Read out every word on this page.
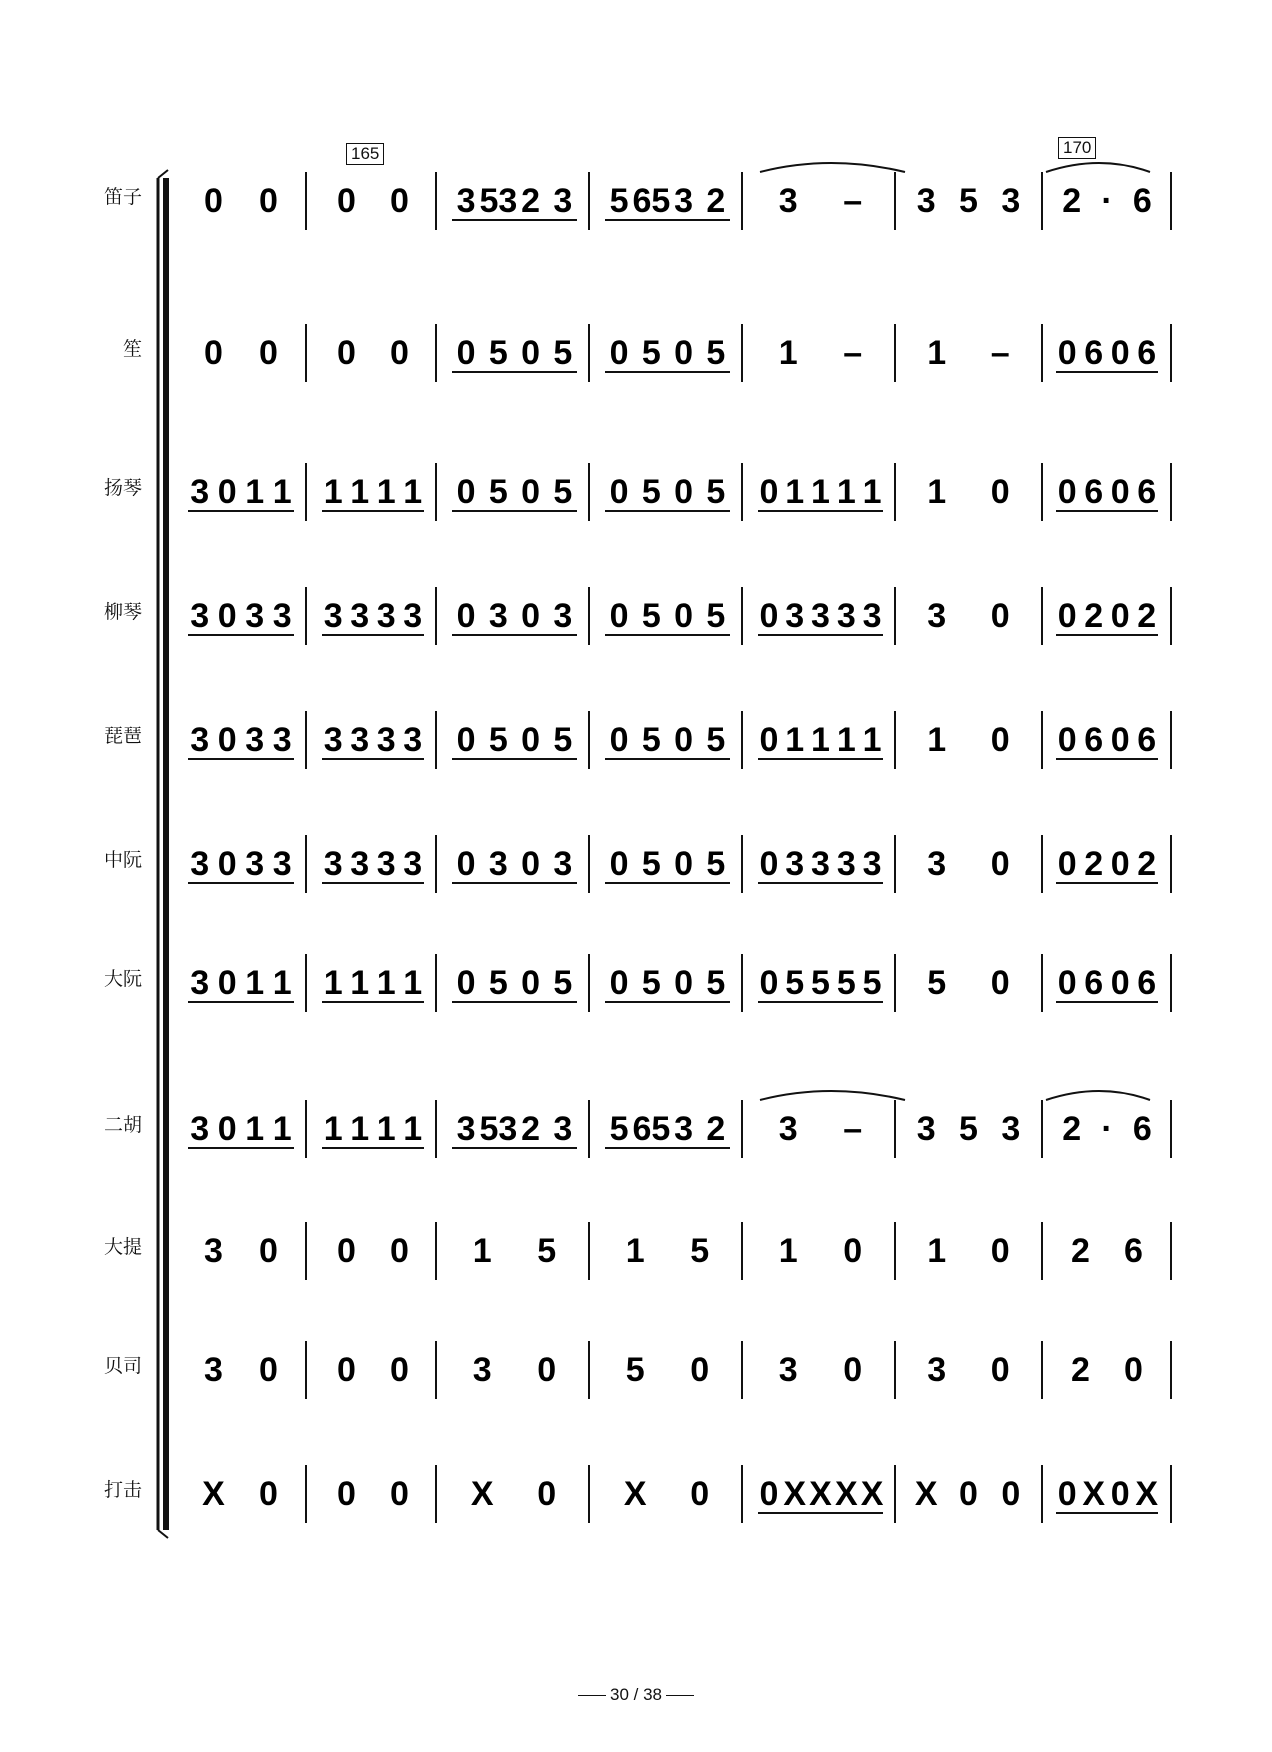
0 0 0 0 3 53 2 3 5 65 3 2 3 – 3 5 3 2 · 6
0 0 0 0 0 5 0 5 0 5 0 5 1 – 1 – 0 6 0 6
3 0 1 1 1 1 1 1 0 5 0 5 0 5 0 5 0 1 1 1 1 1 0 0 6 0 6
3 0 3 3 3 3 3 3 0 3 0 3 0 5 0 5 0 3 3 3 3 3 0 0 2 0 2
3 0 3 3 3 3 3 3 0 5 0 5 0 5 0 5 0 1 1 1 1 1 0 0 6 0 6
3 0 3 3 3 3 3 3 0 3 0 3 0 5 0 5 0 3 3 3 3 3 0 0 2 0 2
3 0 1 1 1 1 1 1 0 5 0 5 0 5 0 5 0 5 5 5 5 5 0 0 6 0 6
3 0 1 1 1 1 1 1 3 53 2 3 5 65 3 2 3 – 3 5 3 2 · 6
3 0 0 0 1 5 1 5 1 0 1 0 2 6
3 0 0 0 3 0 5 0 3 0 3 0 2 0
X 0 0 0 X 0 X 0 0 X X X X X 0 0 0 X 0 X
笛子
笙
扬琴
柳琴
琵琶
中阮
大阮
二胡
大提
贝司
打击
165	170
30 / 38
